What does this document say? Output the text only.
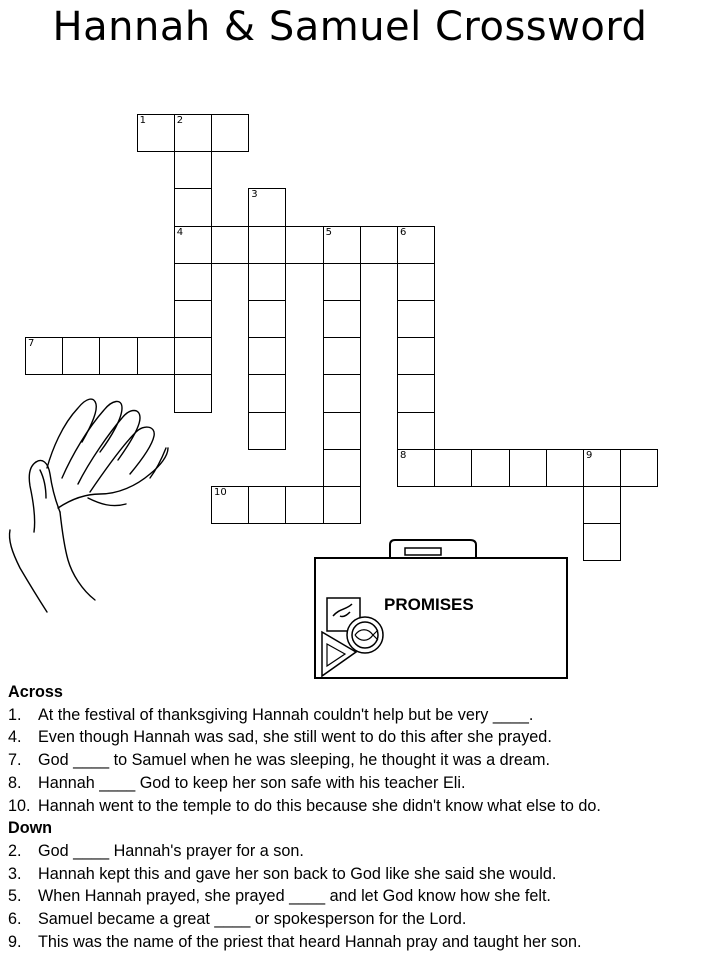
Hannah & Samuel Crossword
1	2
3
4	5	6
7
8	9
10
PROMISES
Across
1.	At the festival of thanksgiving Hannah couldn't help but be very ____.
4.	Even though Hannah was sad, she still went to do this after she prayed.
7.	God ____ to Samuel when he was sleeping, he thought it was a dream.
8.	Hannah ____ God to keep her son safe with his teacher Eli.
10. Hannah went to the temple to do this because she didn't know what else to do.
Down
2.	God ____ Hannah's prayer for a son.
3.	Hannah kept this and gave her son back to God like she said she would.
5.	When Hannah prayed, she prayed ____ and let God know how she felt.
6.	Samuel became a great ____ or spokesperson for the Lord.
9.	This was the name of the priest that heard Hannah pray and taught her son.
